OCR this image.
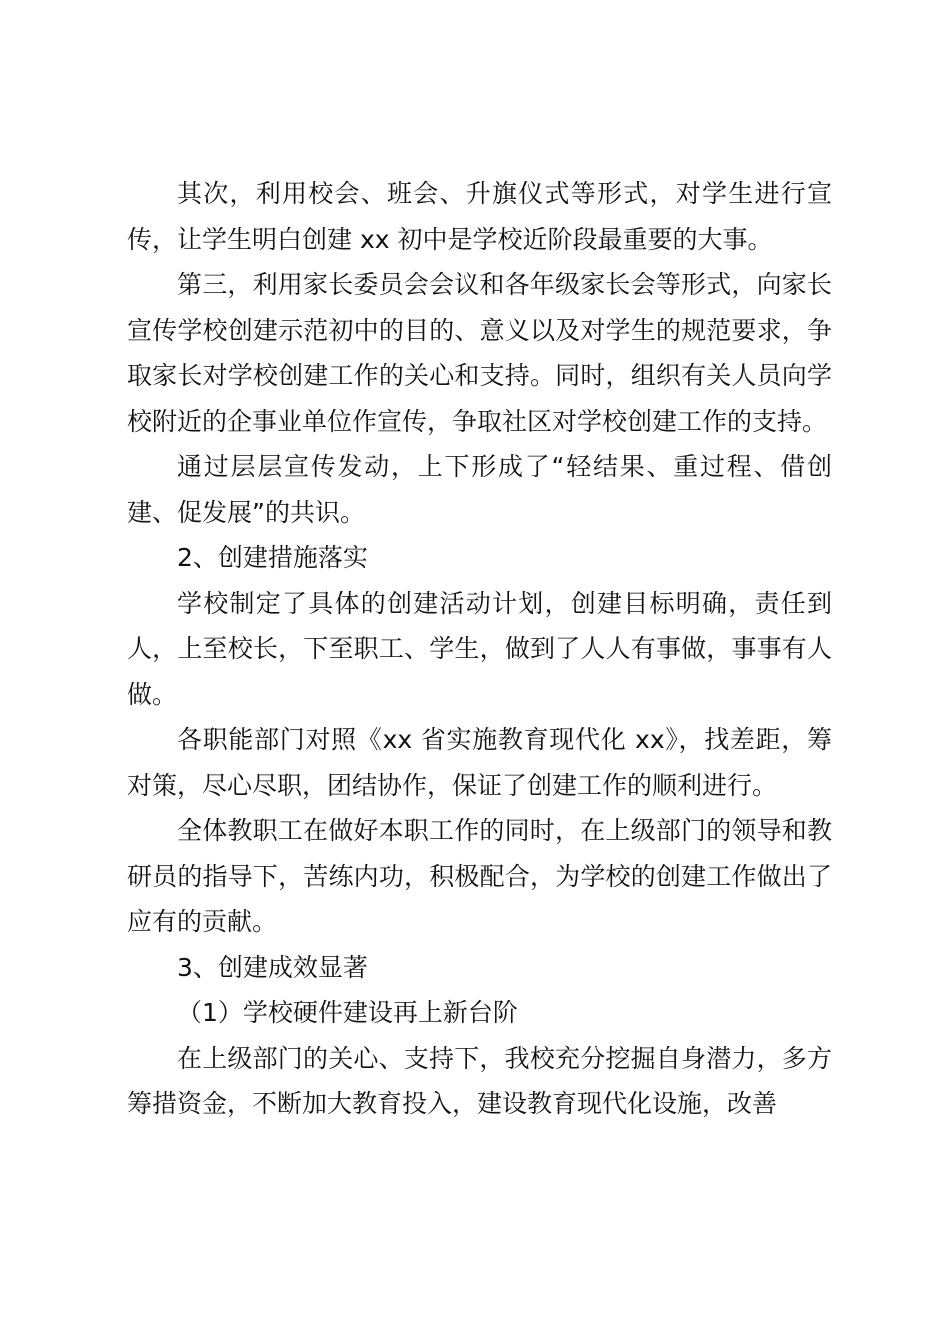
其次，利用校会、班会、升旗仪式等形式，对学生进行宣传，让学生明白创建 xx 初中是学校近阶段最重要的大事。

第三，利用家长委员会会议和各年级家长会等形式，向家长宣传学校创建示范初中的目的、意义以及对学生的规范要求，争取家长对学校创建工作的关心和支持。同时，组织有关人员向学校附近的企事业单位作宣传，争取社区对学校创建工作的支持。

通过层层宣传发动，上下形成了“轻结果、重过程、借创建、促发展”的共识。

2、创建措施落实

学校制定了具体的创建活动计划，创建目标明确，责任到人，上至校长，下至职工、学生，做到了人人有事做，事事有人做。

各职能部门对照《xx 省实施教育现代化 xx》，找差距，筹对策，尽心尽职，团结协作，保证了创建工作的顺利进行。

全体教职工在做好本职工作的同时，在上级部门的领导和教研员的指导下，苦练内功，积极配合，为学校的创建工作做出了应有的贡献。

3、创建成效显著

（1）学校硬件建设再上新台阶

在上级部门的关心、支持下，我校充分挖掘自身潜力，多方筹措资金，不断加大教育投入，建设教育现代化设施，改善
